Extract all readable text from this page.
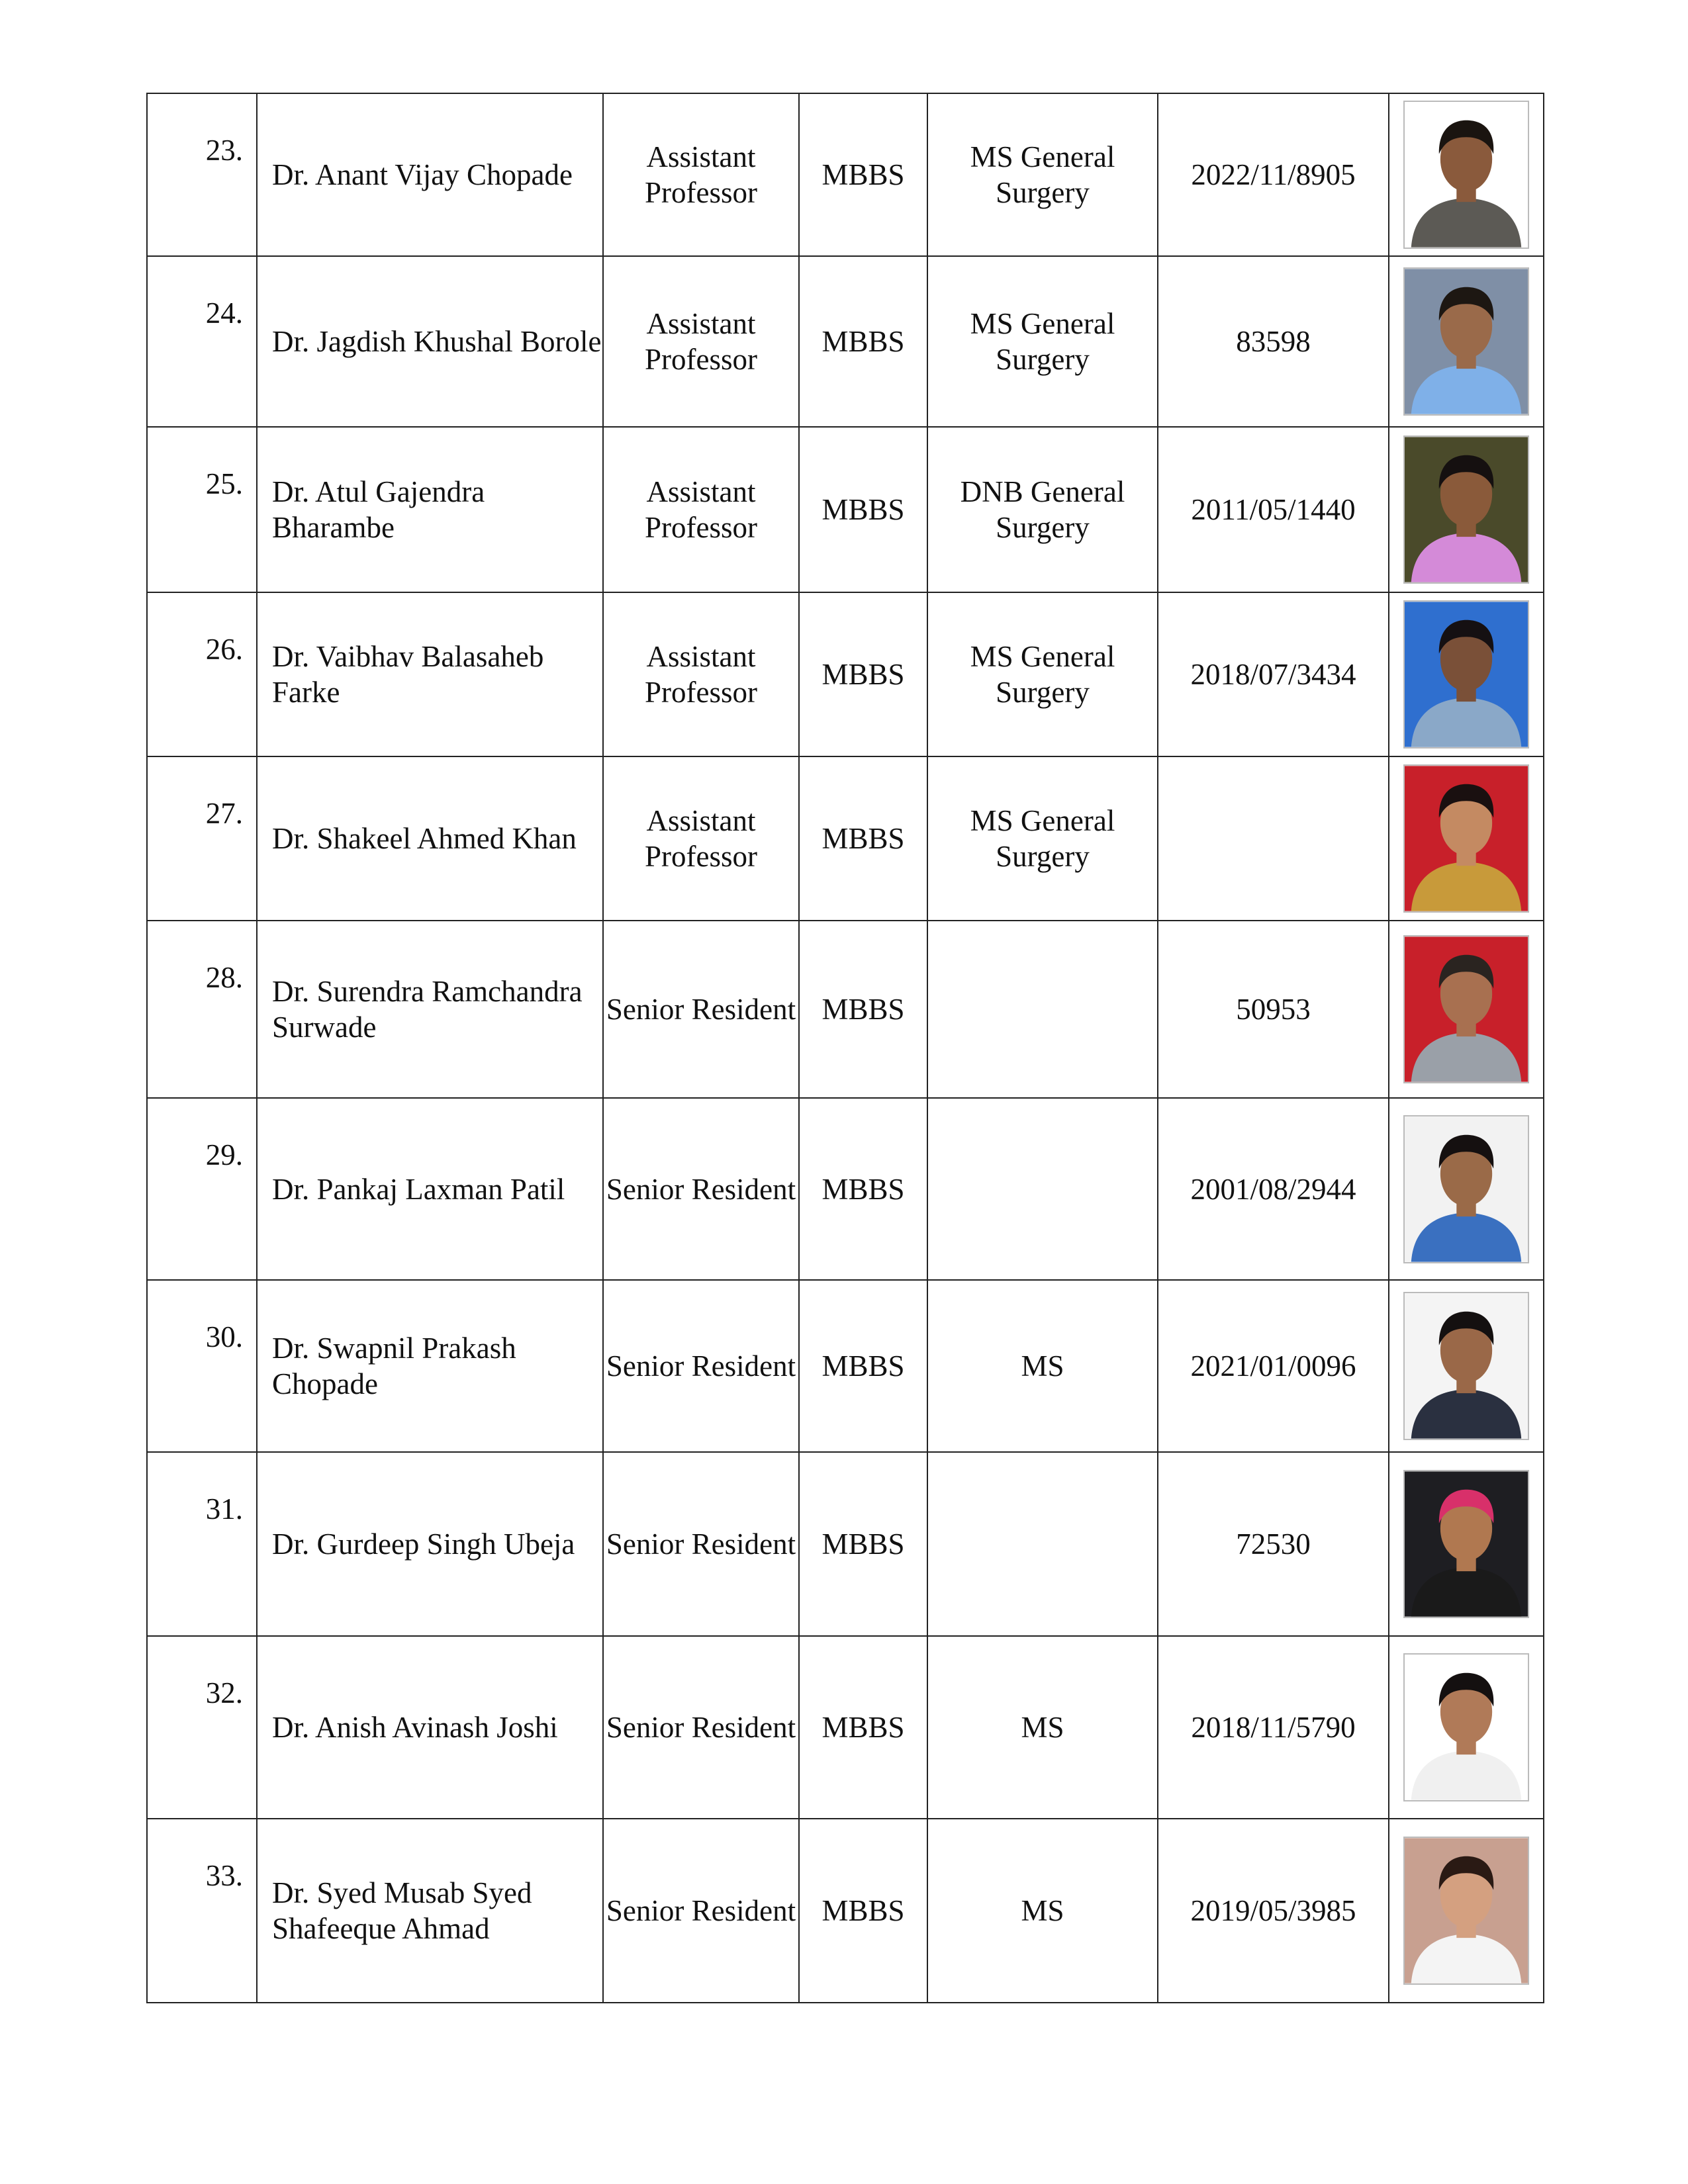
23.	Dr. Anant Vijay Chopade	Assistant Professor	MBBS	MS General Surgery	2022/11/8905	

24.	Dr. Jagdish Khushal Borole	Assistant Professor	MBBS	MS General Surgery	83598	

25.	Dr. Atul Gajendra Bharambe	Assistant Professor	MBBS	DNB General Surgery	2011/05/1440	

26.	Dr. Vaibhav Balasaheb Farke	Assistant Professor	MBBS	MS General Surgery	2018/07/3434	

27.	Dr. Shakeel Ahmed Khan	Assistant Professor	MBBS	MS General Surgery		

28.	Dr. Surendra Ramchandra Surwade	Senior Resident	MBBS		50953	

29.	Dr. Pankaj Laxman Patil	Senior Resident	MBBS		2001/08/2944	

30.	Dr. Swapnil Prakash Chopade	Senior Resident	MBBS	MS	2021/01/0096	

31.	Dr. Gurdeep Singh Ubeja	Senior Resident	MBBS		72530	

32.	Dr. Anish Avinash Joshi	Senior Resident	MBBS	MS	2018/11/5790	

33.	Dr. Syed Musab Syed Shafeeque Ahmad	Senior Resident	MBBS	MS	2019/05/3985	
